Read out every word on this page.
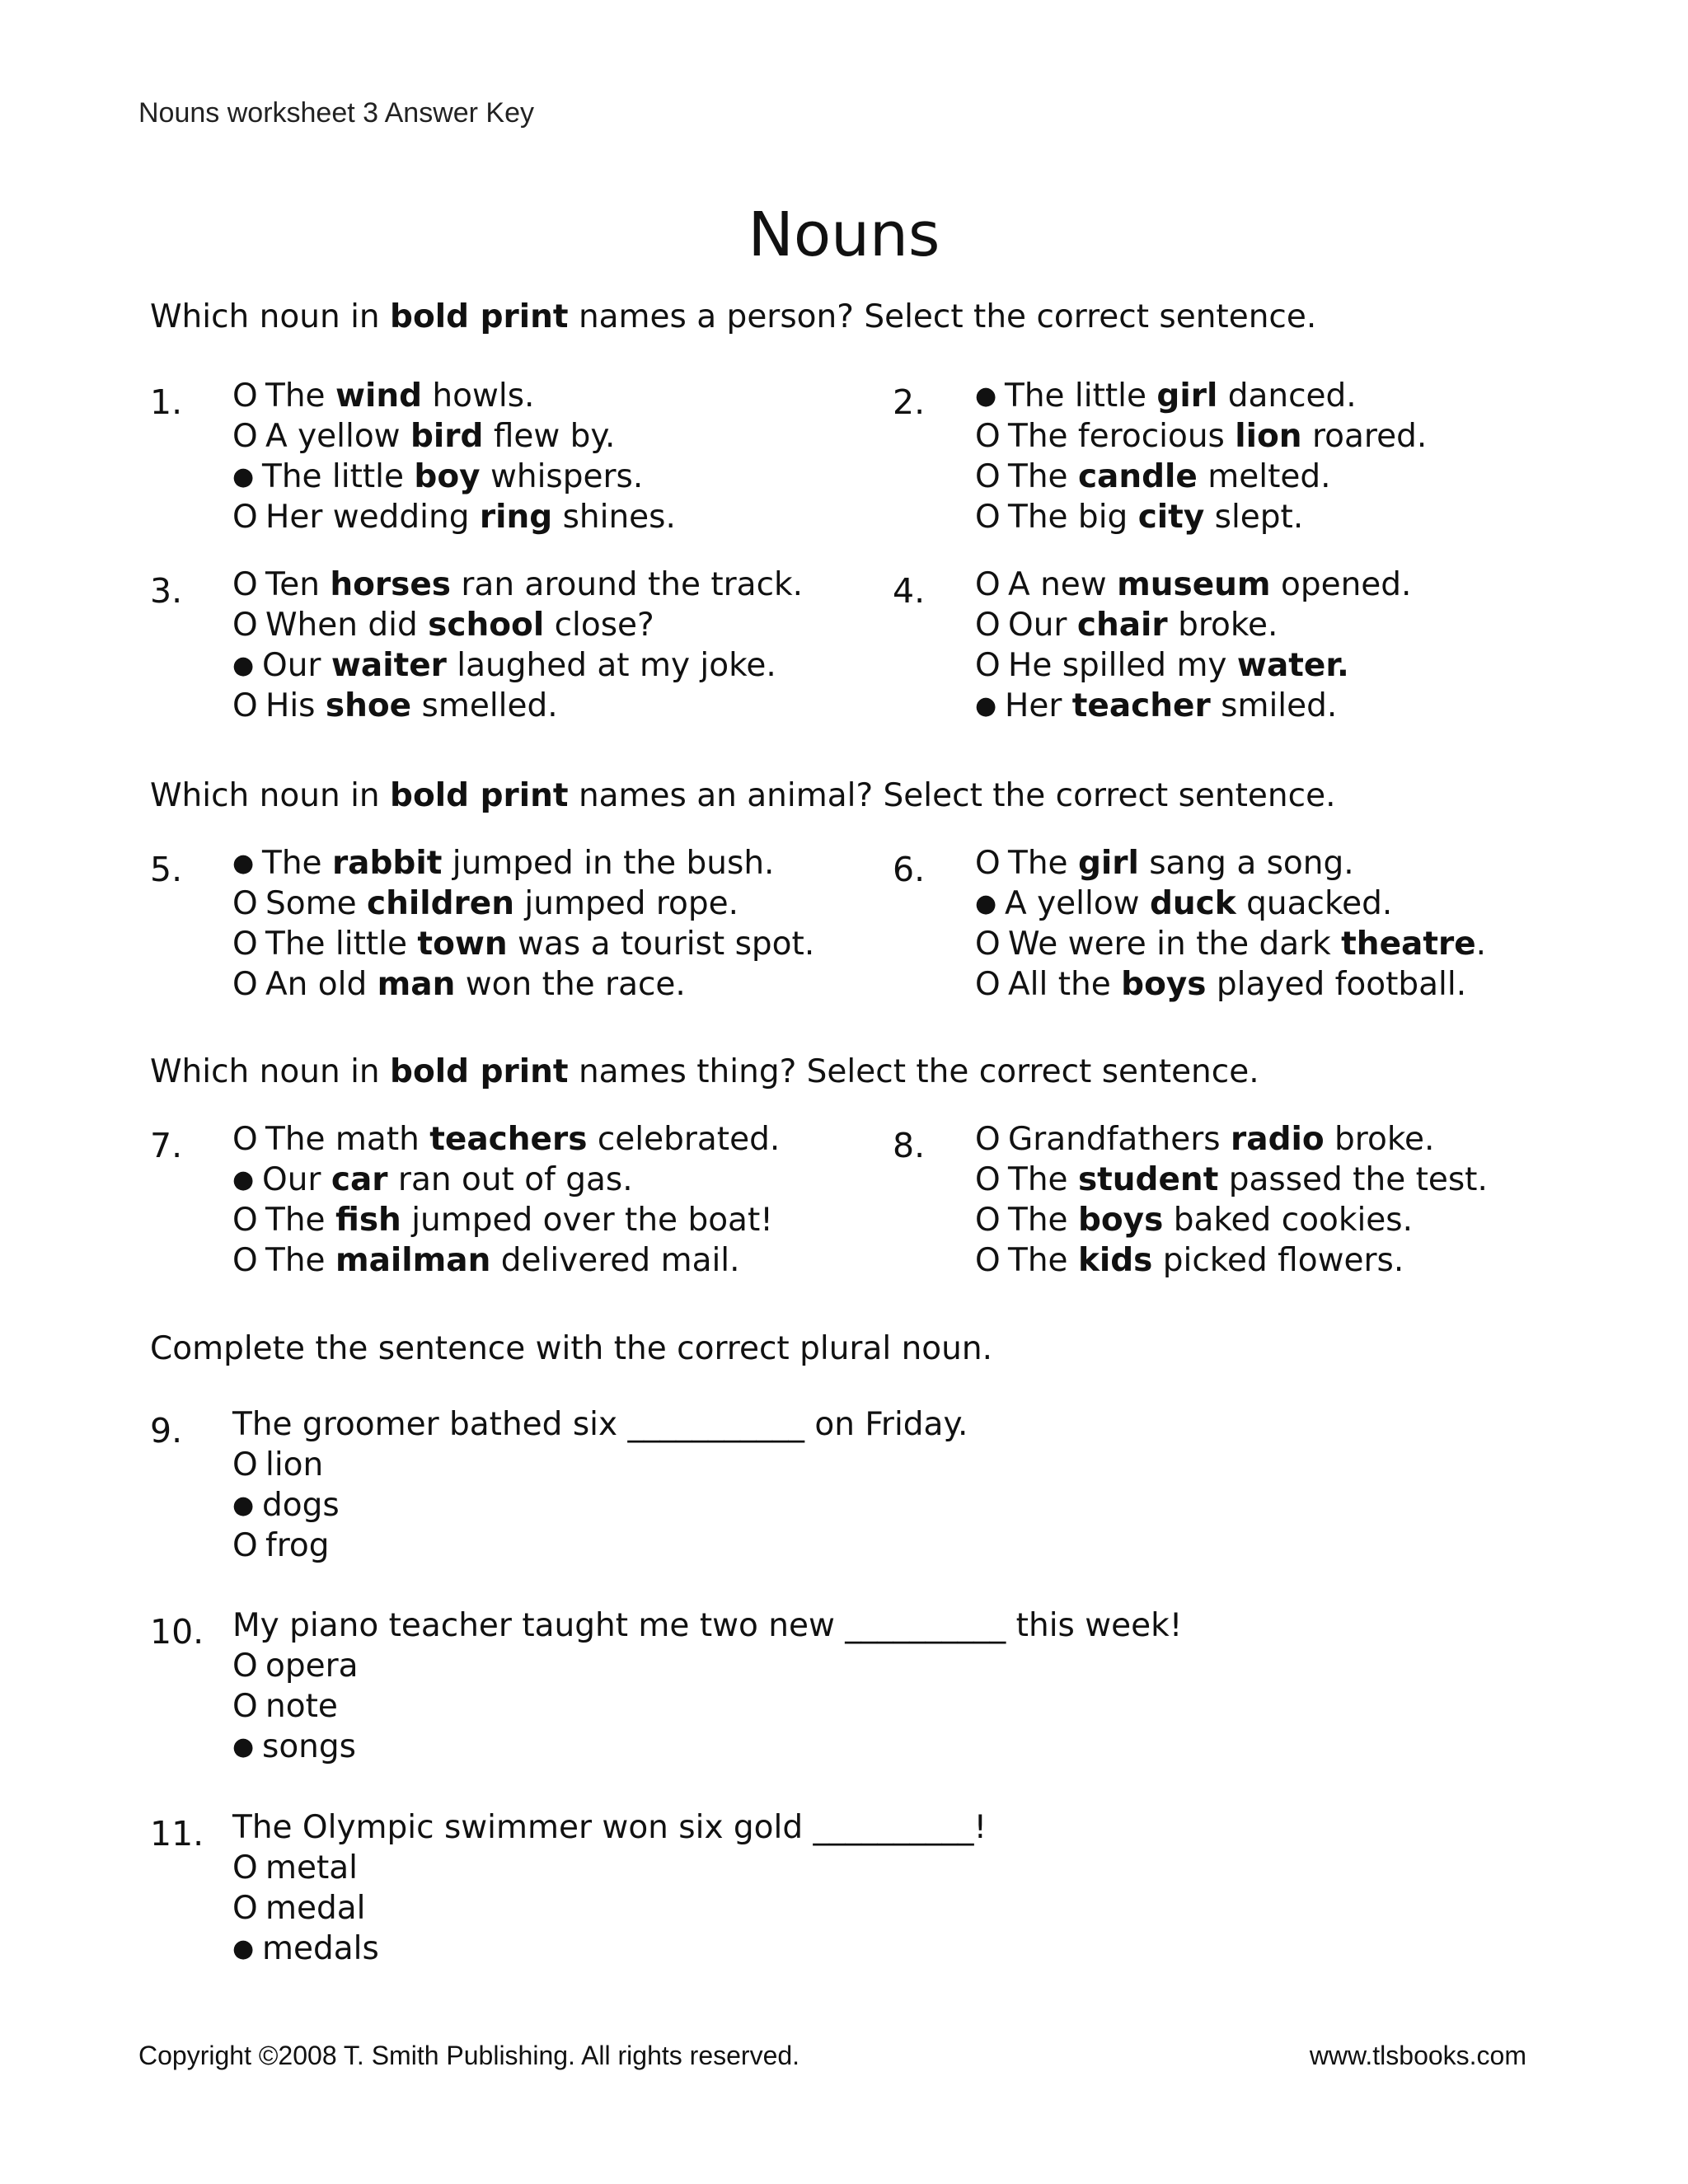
Nouns worksheet 3 Answer Key
Nouns
Which noun in bold print names a person? Select the correct sentence.
1. O The wind howls.
O A yellow bird flew by.
● The little boy whispers.
O Her wedding ring shines.
2. ● The little girl danced.
O The ferocious lion roared.
O The candle melted.
O The big city slept.
3. O Ten horses ran around the track.
O When did school close?
● Our waiter laughed at my joke.
O His shoe smelled.
4. O A new museum opened.
O Our chair broke.
O He spilled my water.
● Her teacher smiled.
Which noun in bold print names an animal? Select the correct sentence.
5. ● The rabbit jumped in the bush.
O Some children jumped rope.
O The little town was a tourist spot.
O An old man won the race.
6. O The girl sang a song.
● A yellow duck quacked.
O We were in the dark theatre.
O All the boys played football.
Which noun in bold print names thing? Select the correct sentence.
7. O The math teachers celebrated.
● Our car ran out of gas.
O The fish jumped over the boat!
O The mailman delivered mail.
8. O Grandfathers radio broke.
O The student passed the test.
O The boys baked cookies.
O The kids picked flowers.
Complete the sentence with the correct plural noun.
9. The groomer bathed six ___________ on Friday.
O lion
● dogs
O frog
10. My piano teacher taught me two new __________ this week!
O opera
O note
● songs
11. The Olympic swimmer won six gold __________!
O metal
O medal
● medals
Copyright ©2008 T. Smith Publishing. All rights reserved.	www.tlsbooks.com
